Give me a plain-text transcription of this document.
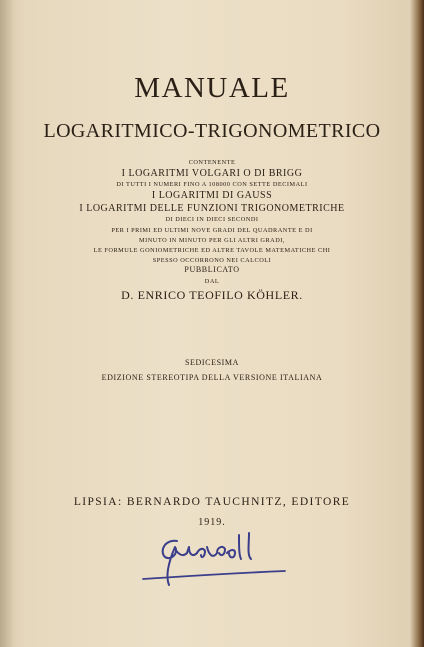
MANUALE

LOGARITMICO-TRIGONOMETRICO

CONTENENTE

I LOGARITMI VOLGARI O DI BRIGG

DI TUTTI I NUMERI FINO A 108000 CON SETTE DECIMALI

I LOGARITMI DI GAUSS

I LOGARITMI DELLE FUNZIONI TRIGONOMETRICHE

DI DIECI IN DIECI SECONDI

PER I PRIMI ED ULTIMI NOVE GRADI DEL QUADRANTE E DI

MINUTO IN MINUTO PER GLI ALTRI GRADI,

LE FORMULE GONIOMETRICHE ED ALTRE TAVOLE MATEMATICHE CHI

SPESSO OCCORRONO NEI CALCOLI

PUBBLICATO

DAL

D. ENRICO TEOFILO KÖHLER.

SEDICESIMA

EDIZIONE STEREOTIPA DELLA VERSIONE ITALIANA

LIPSIA: BERNARDO TAUCHNITZ, EDITORE

1919.
